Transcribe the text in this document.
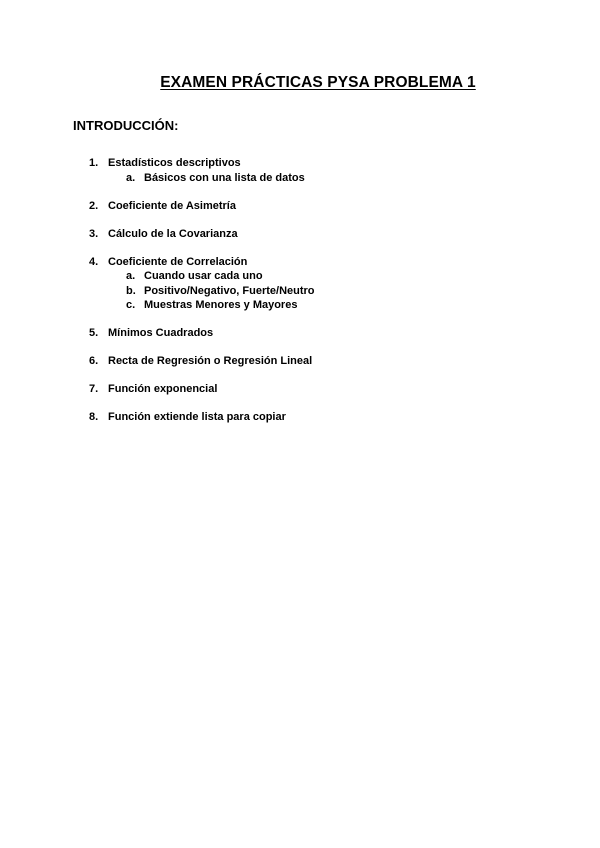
EXAMEN PRÁCTICAS PYSA PROBLEMA 1
INTRODUCCIÓN:
1. Estadísticos descriptivos
a. Básicos con una lista de datos
2. Coeficiente de Asimetría
3. Cálculo de la Covarianza
4. Coeficiente de Correlación
a. Cuando usar cada uno
b. Positivo/Negativo, Fuerte/Neutro
c. Muestras Menores y Mayores
5. Mínimos Cuadrados
6. Recta de Regresión o Regresión Lineal
7. Función exponencial
8. Función extiende lista para copiar
